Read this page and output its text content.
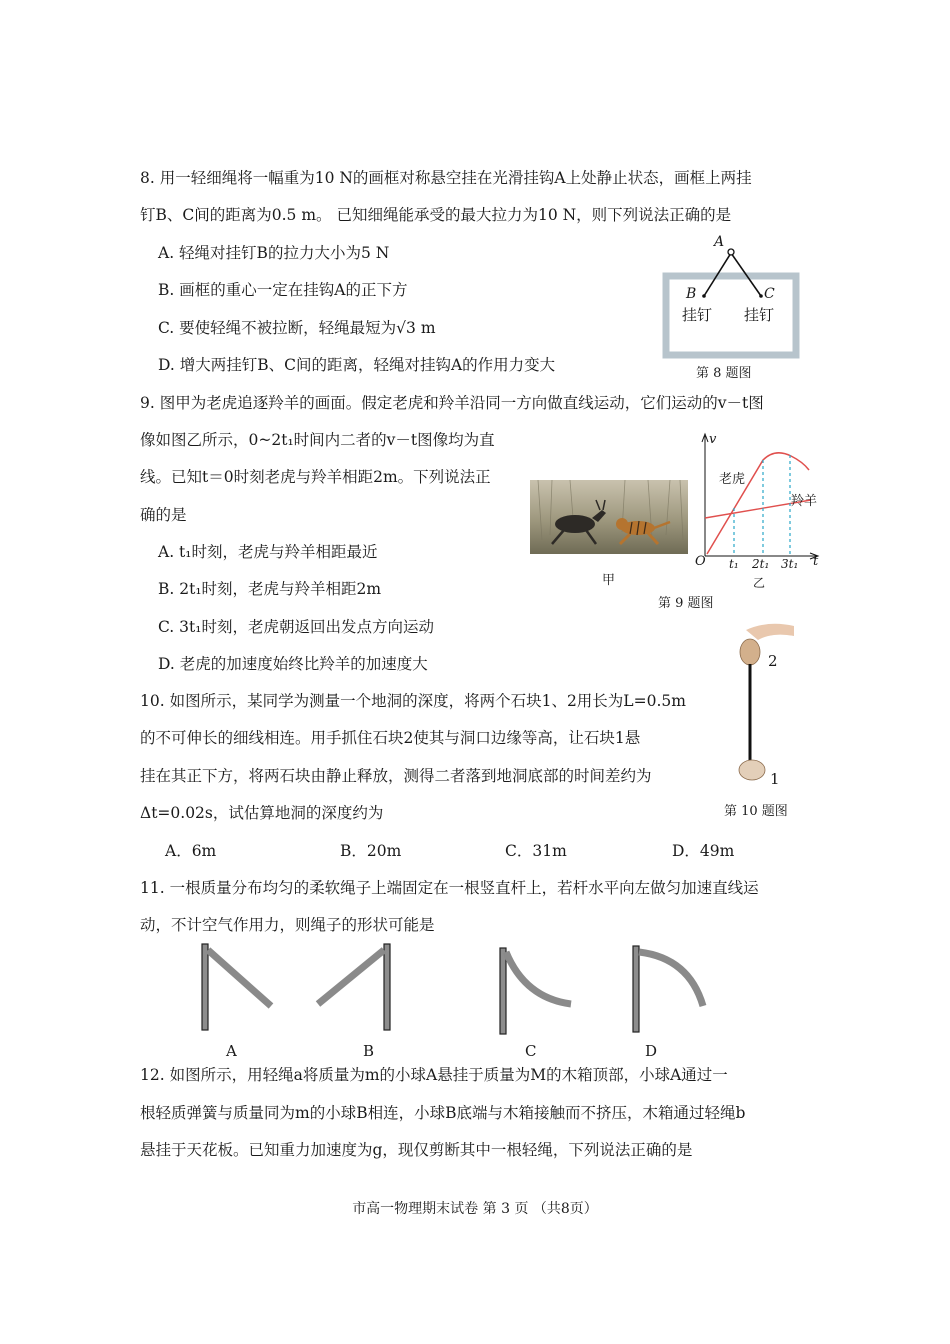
8. 用一轻细绳将一幅重为10 N的画框对称悬空挂在光滑挂钩A上处静止状态，画框上两挂
钉B、C间的距离为0.5 m。 已知细绳能承受的最大拉力为10 N，则下列说法正确的是
A. 轻绳对挂钉B的拉力大小为5 N
B. 画框的重心一定在挂钩A的正下方
C. 要使轻绳不被拉断，轻绳最短为√3 m
D. 增大两挂钉B、C间的距离，轻绳对挂钩A的作用力变大
A
B	C
挂钉 挂钉
第 8 题图
9. 图甲为老虎追逐羚羊的画面。假定老虎和羚羊沿同一方向做直线运动，它们运动的v－t图
像如图乙所示，0~2t₁时间内二者的v－t图像均为直
线。已知t＝0时刻老虎与羚羊相距2m。下列说法正
确的是
A. t₁时刻，老虎与羚羊相距最近
B. 2t₁时刻，老虎与羚羊相距2m
C. 3t₁时刻，老虎朝返回出发点方向运动
D. 老虎的加速度始终比羚羊的加速度大
甲
v
O	t
t₁ 2t₁ 3t₁
老虎
羚羊
乙
第 9 题图
10. 如图所示，某同学为测量一个地洞的深度，将两个石块1、2用长为L=0.5m
的不可伸长的细线相连。用手抓住石块2使其与洞口边缘等高，让石块1悬
挂在其正下方，将两石块由静止释放，测得二者落到地洞底部的时间差约为
Δt=0.02s，试估算地洞的深度约为
A．6m	B．20m	C．31m	D．49m
2
1
第 10 题图
11. 一根质量分布均匀的柔软绳子上端固定在一根竖直杆上，若杆水平向左做匀加速直线运
动，不计空气作用力，则绳子的形状可能是
A	B	C	D
12. 如图所示，用轻绳a将质量为m的小球A悬挂于质量为M的木箱顶部，小球A通过一
根轻质弹簧与质量同为m的小球B相连，小球B底端与木箱接触而不挤压，木箱通过轻绳b
悬挂于天花板。已知重力加速度为g，现仅剪断其中一根轻绳，下列说法正确的是
市高一物理期末试卷 第 3 页 （共8页）
